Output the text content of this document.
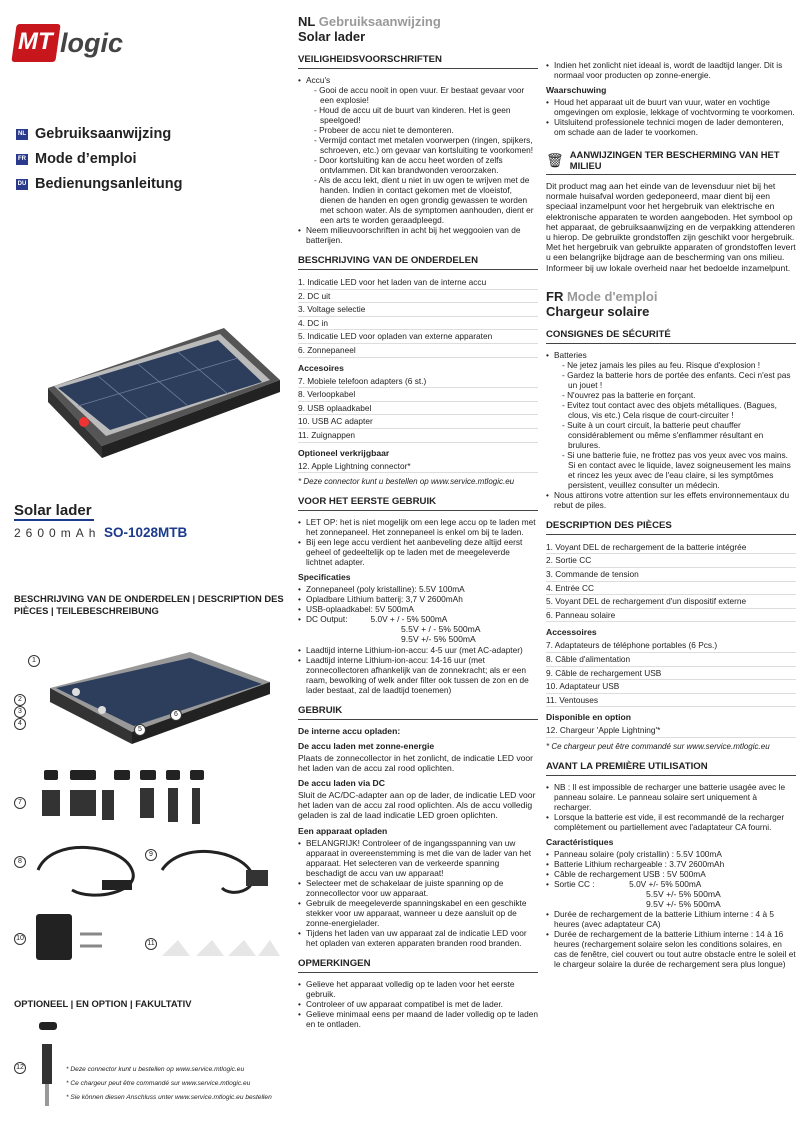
MT logic
NL Gebruiksaanwijzing
FR Mode d’emploi
DU Bedienungsanleitung
Solar lader
2600mAh SO-1028MTB
BESCHRIJVING VAN DE ONDERDELEN | DESCRIPTION DES PIÈCES | TEILEBESCHREIBUNG
1
2
3
4
5
6
7
8
9
10
11
OPTIONEEL | EN OPTION | FAKULTATIV
12	* Deze connector kunt u bestellen op www.service.mtlogic.eu
* Ce chargeur peut être commandé sur www.service.mtlogic.eu
* Sie können diesen Anschluss unter www.service.mtlogic.eu bestellen
NL Gebruiksaanwijzing
Solar lader
VEILIGHEIDSVOORSCHRIFTEN
• Accu's
- Gooi de accu nooit in open vuur. Er bestaat gevaar voor een explosie!
- Houd de accu uit de buurt van kinderen. Het is geen speelgoed!
- Probeer de accu niet te demonteren.
- Vermijd contact met metalen voorwerpen (ringen, spijkers, schroeven, etc.) om gevaar van kortsluiting te voorkomen!
- Door kortsluiting kan de accu heet worden of zelfs ontvlammen. Dit kan brandwonden veroorzaken.
- Als de accu lekt, dient u niet in uw ogen te wrijven met de handen. Indien in contact gekomen met de vloeistof, dienen de handen en ogen grondig gewassen te worden met schoon water. Als de symptomen aanhouden, dient er een arts te worden geraadpleegd.
• Neem milieuvoorschriften in acht bij het weggooien van de batterijen.
BESCHRIJVING VAN DE ONDERDELEN
1. Indicatie LED voor het laden van de interne accu
2. DC uit
3. Voltage selectie
4. DC in
5. Indicatie LED voor opladen van externe apparaten
6. Zonnepaneel
Accesoires
7. Mobiele telefoon adapters (6 st.)
8. Verloopkabel
9. USB oplaadkabel
10. USB AC adapter
11. Zuignappen
Optioneel verkrijgbaar
12. Apple Lightning connector*
* Deze connector kunt u bestellen op www.service.mtlogic.eu
VOOR HET EERSTE GEBRUIK
• LET OP: het is niet mogelijk om een lege accu op te laden met het zonnepaneel. Het zonnepaneel is enkel om bij te laden.
• Bij een lege accu verdient het aanbeveling deze altijd eerst geheel of gedeeltelijk op te laden met de meegeleverde lichtnet adapter.
Specificaties
• Zonnepaneel (poly kristalline): 5.5V 100mA
• Opladbare Lithium batterij: 3,7 V 2600mAh
• USB-oplaadkabel: 5V 500mA
• DC Output:          5.0V + / - 5% 500mA
5.5V + / - 5% 500mA
9.5V +/- 5% 500mA
• Laadtijd interne Lithium-ion-accu: 4-5 uur (met AC-adapter)
• Laadtijd interne Lithium-ion-accu: 14-16 uur (met zonnecollectoren afhankelijk van de zonnekracht; als er een raam, bewolking of welk ander filter ook tussen de zon en de lader bestaat, zal de laadtijd toenemen)
GEBRUIK
De interne accu opladen:
De accu laden met zonne-energie
Plaats de zonnecollector in het zonlicht, de indicatie LED voor het laden van de accu zal rood oplichten.
De accu laden via DC
Sluit de AC/DC-adapter aan op de lader, de indicatie LED voor het laden van de accu zal rood oplichten. Als de accu volledig geladen is zal de laad indicatie LED groen oplichten.
Een apparaat opladen
• BELANGRIJK! Controleer of de ingangsspanning van uw apparaat in overeenstemming is met die van de lader van het apparaat. Het selecteren van de verkeerde spanning beschadigt de accu van uw apparaat!
• Selecteer met de schakelaar de juiste spanning op de zonnecollector voor uw apparaat.
• Gebruik de meegeleverde spanningskabel en een geschikte stekker voor uw apparaat, wanneer u deze aansluit op de zonne-energielader.
• Tijdens het laden van uw apparaat zal de indicatie LED voor het opladen van exteren apparaten branden rood branden.
OPMERKINGEN
• Gelieve het apparaat volledig op te laden voor het eerste gebruik.
• Controleer of uw apparaat compatibel is met de lader.
• Gelieve minimaal eens per maand de lader volledig op te laden en te ontladen.
• Indien het zonlicht niet ideaal is, wordt de laadtijd langer. Dit is normaal voor producten op zonne-energie.
Waarschuwing
• Houd het apparaat uit de buurt van vuur, water en vochtige omgevingen om explosie, lekkage of vochtvorming te voorkomen.
• Uitsluitend professionele technici mogen de lader demonteren, om schade aan de lader te voorkomen.
🗑 AANWIJZINGEN TER BESCHERMING VAN HET MILIEU
Dit product mag aan het einde van de levensduur niet bij het normale huisafval worden gedeponeerd, maar dient bij een speciaal inzamelpunt voor het hergebruik van elektrische en elektronische apparaten te worden aangeboden. Het symbool op het apparaat, de gebruiksaanwijzing en de verpakking attenderen u hierop. De gebruikte grondstoffen zijn geschikt voor hergebruik. Met het hergebruik van gebruikte apparaten of grondstoffen levert u een belangrijke bijdrage aan de bescherming van ons milieu. Informeer bij uw lokale overheid naar het bedoelde inzamelpunt.
FR Mode d'emploi
Chargeur solaire
CONSIGNES DE SÉCURITÉ
• Batteries
- Ne jetez jamais les piles au feu. Risque d'explosion !
- Gardez la batterie hors de portée des enfants. Ceci n'est pas un jouet !
- N'ouvrez pas la batterie en forçant.
- Evitez tout contact avec des objets métalliques. (Bagues, clous, vis etc.) Cela risque de court-circuiter !
- Suite à un court circuit, la batterie peut chauffer considérablement ou même s'enflammer résultant en brulures.
- Si une batterie fuie, ne frottez pas vos yeux avec vos mains. Si en contact avec le liquide, lavez soigneusement les mains et rincez les yeux avec de l'eau claire, si les symptômes persistent, veuillez consulter un médecin.
• Nous attirons votre attention sur les effets environnementaux du rebut de piles.
DESCRIPTION DES PIÈCES
1. Voyant DEL de rechargement de la batterie intégrée
2. Sortie CC
3. Commande de tension
4. Entrée CC
5. Voyant DEL de rechargement d'un dispositif externe
6. Panneau solaire
Accessoires
7. Adaptateurs de téléphone portables (6 Pcs.)
8. Câble d'alimentation
9. Câble de rechargement USB
10. Adaptateur USB
11. Ventouses
Disponible en option
12. Chargeur 'Apple Lightning'*
* Ce chargeur peut être commandé sur www.service.mtlogic.eu
AVANT LA PREMIÈRE UTILISATION
• NB : Il est impossible de recharger une batterie usagée avec le panneau solaire. Le panneau solaire sert uniquement à recharger.
• Lorsque la batterie est vide, il est recommandé de la recharger complètement ou partiellement avec l'adaptateur CA fourni.
Caractéristiques
• Panneau solaire (poly cristallin) : 5.5V 100mA
• Batterie Lithium rechargeable : 3.7V 2600mAh
• Câble de rechargement USB : 5V 500mA
• Sortie CC :               5.0V +/- 5% 500mA
5.5V +/- 5% 500mA
9.5V +/- 5% 500mA
• Durée de rechargement de la batterie Lithium interne : 4 à 5 heures (avec adaptateur CA)
• Durée de rechargement de la batterie Lithium interne : 14 à 16 heures (rechargement solaire selon les conditions solaires, en cas de fenêtre, ciel couvert ou tout autre obstacle entre le soleil et le chargeur solaire la durée de rechargement sera plus longue)
